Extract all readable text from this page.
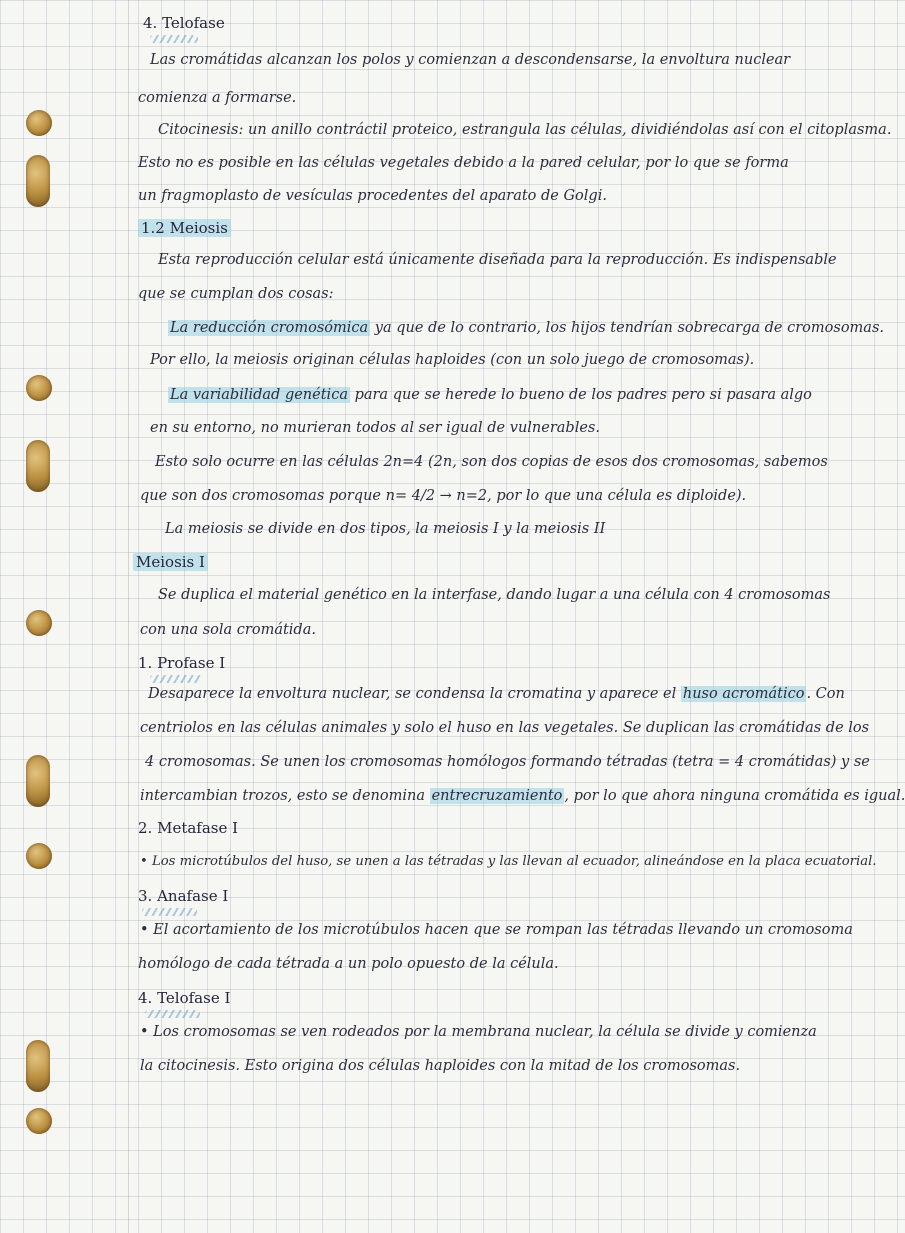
4. Telofase

Las cromátidas alcanzan los polos y comienzan a descondensarse, la envoltura nuclear

comienza a formarse.

Citocinesis: un anillo contráctil proteico, estrangula las células, dividiéndolas así con el citoplasma.

Esto no es posible en las células vegetales debido a la pared celular, por lo que se forma

un fragmoplasto de vesículas procedentes del aparato de Golgi.

1.2 Meiosis

Esta reproducción celular está únicamente diseñada para la reproducción. Es indispensable

que se cumplan dos cosas:

La reducción cromosómica ya que de lo contrario, los hijos tendrían sobrecarga de cromosomas.

Por ello, la meiosis originan células haploides (con un solo juego de cromosomas).

La variabilidad genética para que se herede lo bueno de los padres pero si pasara algo

en su entorno, no murieran todos al ser igual de vulnerables.

Esto solo ocurre en las células 2n=4 (2n, son dos copias de esos dos cromosomas, sabemos

que son dos cromosomas porque n= 4/2 → n=2, por lo que una célula es diploide).

La meiosis se divide en dos tipos, la meiosis I y la meiosis II

Meiosis I

Se duplica el material genético en la interfase, dando lugar a una célula con 4 cromosomas

con una sola cromátida.

1. Profase I

Desaparece la envoltura nuclear, se condensa la cromatina y aparece el huso acromático . Con

centriolos en las células animales y solo el huso en las vegetales. Se duplican las cromátidas de los

4 cromosomas. Se unen los cromosomas homólogos formando tétradas (tetra = 4 cromátidas) y se

intercambian trozos, esto se denomina entrecruzamiento , por lo que ahora ninguna cromátida es igual.

2. Metafase I

• Los microtúbulos del huso, se unen a las tétradas y las llevan al ecuador, alineándose en la placa ecuatorial.

3. Anafase I

• El acortamiento de los microtúbulos hacen que se rompan las tétradas llevando un cromosoma

homólogo de cada tétrada a un polo opuesto de la célula.

4. Telofase I

• Los cromosomas se ven rodeados por la membrana nuclear, la célula se divide y comienza

la citocinesis. Esto origina dos células haploides con la mitad de los cromosomas.
